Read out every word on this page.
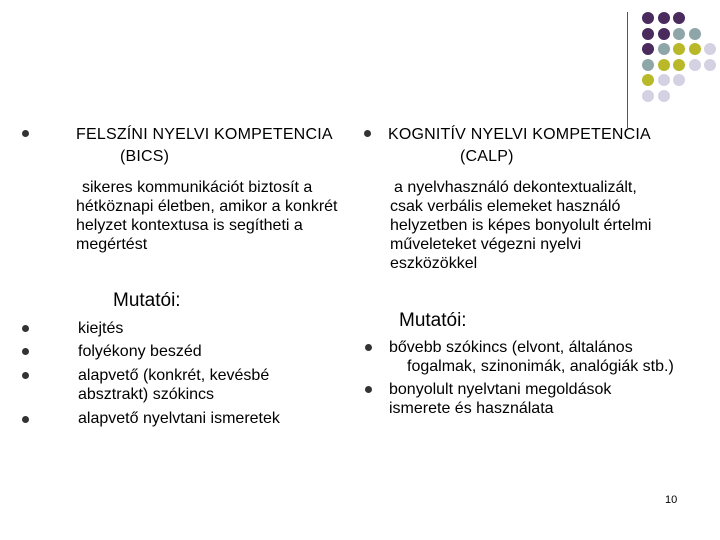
FELSZÍNI NYELVI KOMPETENCIA
(BICS)
sikeres kommunikációt biztosít a
hétköznapi életben, amikor a konkrét
helyzet kontextusa is segítheti a
megértést
Mutatói:
kiejtés
folyékony beszéd
alapvető (konkrét, kevésbé
absztrakt) szókincs
alapvető nyelvtani ismeretek
KOGNITÍV NYELVI KOMPETENCIA
(CALP)
a nyelvhasználó dekontextualizált,
csak verbális elemeket használó
helyzetben is képes bonyolult értelmi
műveleteket végezni nyelvi
eszközökkel
Mutatói:
bővebb szókincs (elvont, általános
fogalmak, szinonimák, analógiák stb.)
bonyolult nyelvtani megoldások
ismerete és használata
10
